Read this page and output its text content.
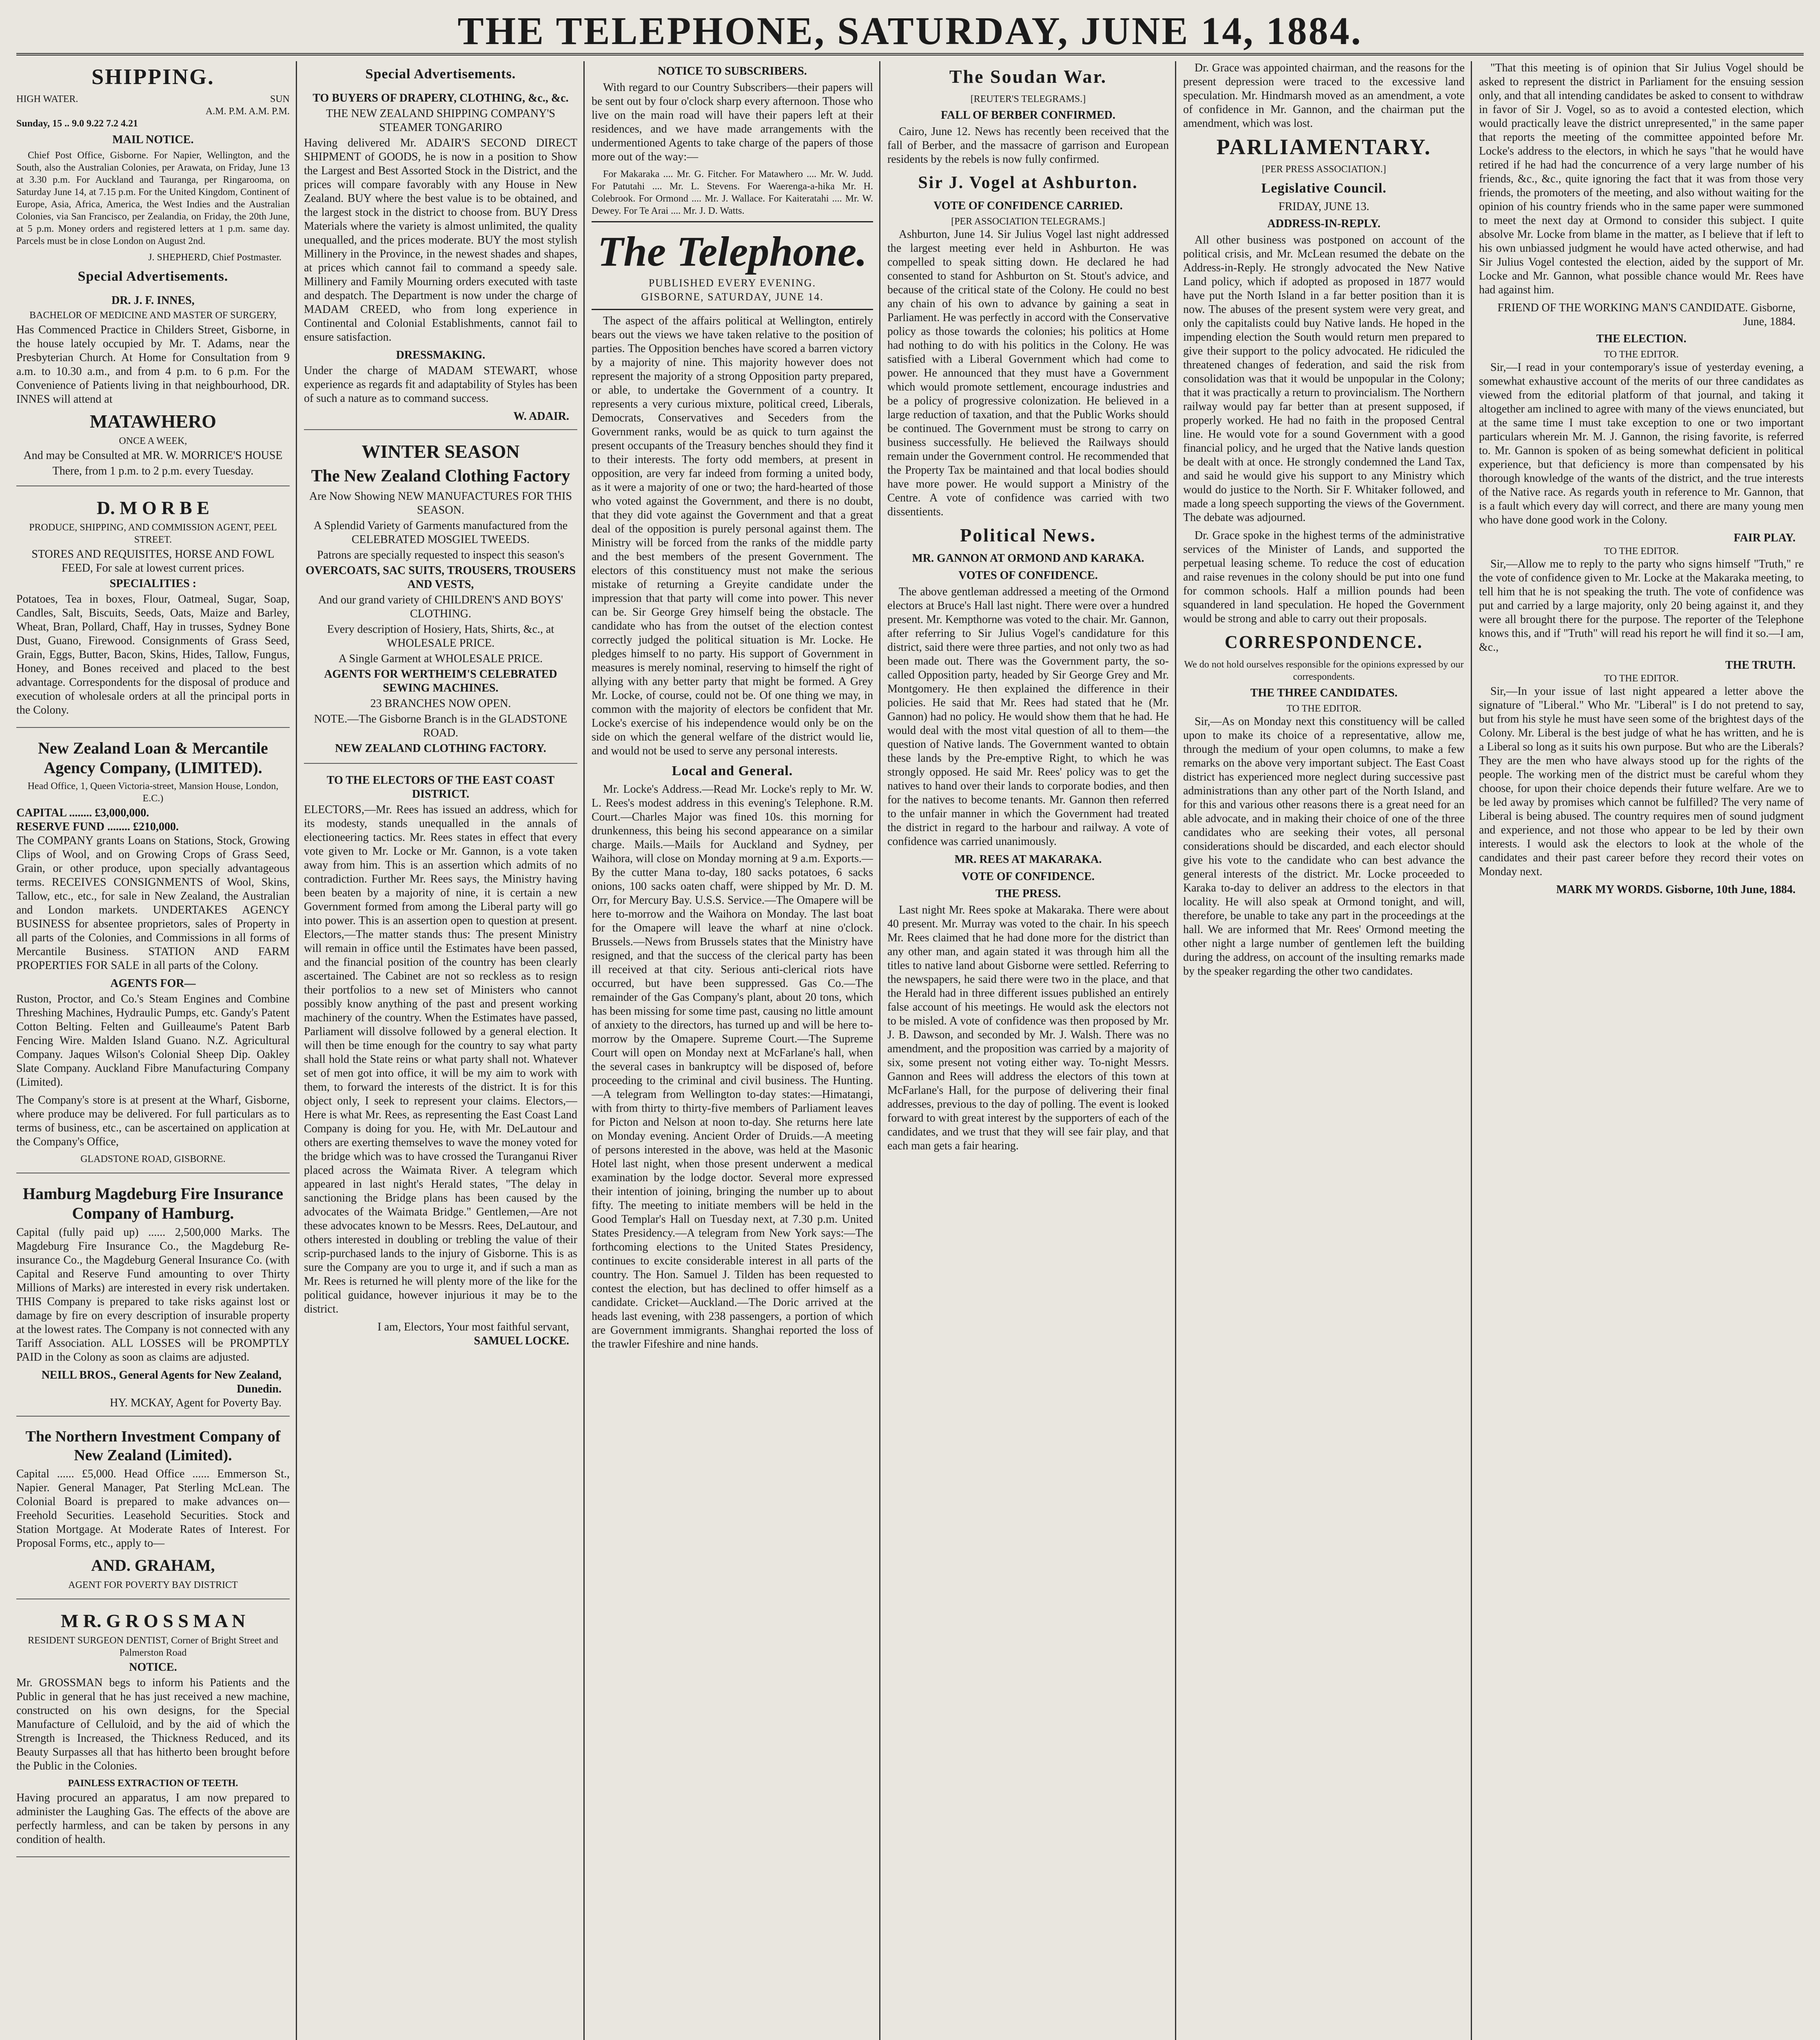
THE TELEPHONE, SATURDAY, JUNE 14, 1884.
SHIPPING.
HIGH WATER.	SUN
A.M. P.M. A.M. P.M.
Sunday, 15 .. 9.0 9.22 7.2 4.21
MAIL NOTICE.

Chief Post Office, Gisborne. For Napier, Wellington, and the South, also the Australian Colonies, per Arawata, on Friday, June 13 at 3.30 p.m. For Auckland and Tauranga, per Ringarooma, on Saturday June 14, at 7.15 p.m. For the United Kingdom, Continent of Europe, Asia, Africa, America, the West Indies and the Australian Colonies, via San Francisco, per Zealandia, on Friday, the 20th June, at 5 p.m. Money orders and registered letters at 1 p.m. same day. Parcels must be in close London on August 2nd.

J. SHEPHERD, Chief Postmaster.
Special Advertisements.
DR. J. F. INNES,
BACHELOR OF MEDICINE AND MASTER OF SURGERY,

Has Commenced Practice in Childers Street, Gisborne, in the house lately occupied by Mr. T. Adams, near the Presbyterian Church. At Home for Consultation from 9 a.m. to 10.30 a.m., and from 4 p.m. to 6 p.m. For the Convenience of Patients living in that neighbourhood, DR. INNES will attend at

MATAWHERO
ONCE A WEEK,
And may be Consulted at MR. W. MORRICE'S HOUSE
There, from 1 p.m. to 2 p.m. every Tuesday.
D. M O R B E
PRODUCE, SHIPPING, AND COMMISSION AGENT, PEEL STREET.
STORES AND REQUISITES, HORSE AND FOWL FEED, For sale at lowest current prices.
SPECIALITIES :

Potatoes, Tea in boxes, Flour, Oatmeal, Sugar, Soap, Candles, Salt, Biscuits, Seeds, Oats, Maize and Barley, Wheat, Bran, Pollard, Chaff, Hay in trusses, Sydney Bone Dust, Guano, Firewood. Consignments of Grass Seed, Grain, Eggs, Butter, Bacon, Skins, Hides, Tallow, Fungus, Honey, and Bones received and placed to the best advantage. Correspondents for the disposal of produce and execution of wholesale orders at all the principal ports in the Colony.

New Zealand Loan & Mercantile Agency Company, (LIMITED).
Head Office, 1, Queen Victoria-street, Mansion House, London, E.C.)
CAPITAL ........ £3,000,000.
RESERVE FUND ........ £210,000.

The COMPANY grants Loans on Stations, Stock, Growing Clips of Wool, and on Growing Crops of Grass Seed, Grain, or other produce, upon specially advantageous terms. RECEIVES CONSIGNMENTS of Wool, Skins, Tallow, etc., etc., for sale in New Zealand, the Australian and London markets. UNDERTAKES AGENCY BUSINESS for absentee proprietors, sales of Property in all parts of the Colonies, and Commissions in all forms of Mercantile Business. STATION AND FARM PROPERTIES FOR SALE in all parts of the Colony.

AGENTS FOR—

Ruston, Proctor, and Co.'s Steam Engines and Combine Threshing Machines, Hydraulic Pumps, etc. Gandy's Patent Cotton Belting. Felten and Guilleaume's Patent Barb Fencing Wire. Malden Island Guano. N.Z. Agricultural Company. Jaques Wilson's Colonial Sheep Dip. Oakley Slate Company. Auckland Fibre Manufacturing Company (Limited).

The Company's store is at present at the Wharf, Gisborne, where produce may be delivered. For full particulars as to terms of business, etc., can be ascertained on application at the Company's Office,

GLADSTONE ROAD, GISBORNE.
Hamburg Magdeburg Fire Insurance Company of Hamburg.

Capital (fully paid up) ...... 2,500,000 Marks. The Magdeburg Fire Insurance Co., the Magdeburg Re-insurance Co., the Magdeburg General Insurance Co. (with Capital and Reserve Fund amounting to over Thirty Millions of Marks) are interested in every risk undertaken. THIS Company is prepared to take risks against lost or damage by fire on every description of insurable property at the lowest rates. The Company is not connected with any Tariff Association. ALL LOSSES will be PROMPTLY PAID in the Colony as soon as claims are adjusted.

NEILL BROS., General Agents for New Zealand, Dunedin.
HY. MCKAY, Agent for Poverty Bay.
The Northern Investment Company of New Zealand (Limited).

Capital ...... £5,000. Head Office ...... Emmerson St., Napier. General Manager, Pat Sterling McLean. The Colonial Board is prepared to make advances on— Freehold Securities. Leasehold Securities. Stock and Station Mortgage. At Moderate Rates of Interest. For Proposal Forms, etc., apply to—

AND. GRAHAM,
AGENT FOR POVERTY BAY DISTRICT
M R. G R O S S M A N
RESIDENT SURGEON DENTIST, Corner of Bright Street and Palmerston Road
NOTICE.

Mr. GROSSMAN begs to inform his Patients and the Public in general that he has just received a new machine, constructed on his own designs, for the Special Manufacture of Celluloid, and by the aid of which the Strength is Increased, the Thickness Reduced, and its Beauty Surpasses all that has hitherto been brought before the Public in the Colonies.

PAINLESS EXTRACTION OF TEETH.

Having procured an apparatus, I am now prepared to administer the Laughing Gas. The effects of the above are perfectly harmless, and can be taken by persons in any condition of health.

Special Advertisements.
TO BUYERS OF DRAPERY, CLOTHING, &c., &c.
THE NEW ZEALAND SHIPPING COMPANY'S STEAMER TONGARIRO

Having delivered Mr. ADAIR'S SECOND DIRECT SHIPMENT of GOODS, he is now in a position to Show the Largest and Best Assorted Stock in the District, and the prices will compare favorably with any House in New Zealand. BUY where the best value is to be obtained, and the largest stock in the district to choose from. BUY Dress Materials where the variety is almost unlimited, the quality unequalled, and the prices moderate. BUY the most stylish Millinery in the Province, in the newest shades and shapes, at prices which cannot fail to command a speedy sale. Millinery and Family Mourning orders executed with taste and despatch. The Department is now under the charge of MADAM CREED, who from long experience in Continental and Colonial Establishments, cannot fail to ensure satisfaction.

DRESSMAKING.

Under the charge of MADAM STEWART, whose experience as regards fit and adaptability of Styles has been of such a nature as to command success.

W. ADAIR.
WINTER SEASON
The New Zealand Clothing Factory
Are Now Showing NEW MANUFACTURES FOR THIS SEASON.
A Splendid Variety of Garments manufactured from the CELEBRATED MOSGIEL TWEEDS.
Patrons are specially requested to inspect this season's
OVERCOATS, SAC SUITS, TROUSERS, TROUSERS AND VESTS,
And our grand variety of CHILDREN'S AND BOYS' CLOTHING.
Every description of Hosiery, Hats, Shirts, &c., at WHOLESALE PRICE.
A Single Garment at WHOLESALE PRICE.
AGENTS FOR WERTHEIM'S CELEBRATED SEWING MACHINES.
23 BRANCHES NOW OPEN.
NOTE.—The Gisborne Branch is in the GLADSTONE ROAD.
NEW ZEALAND CLOTHING FACTORY.
TO THE ELECTORS OF THE EAST COAST DISTRICT.

ELECTORS,—Mr. Rees has issued an address, which for its modesty, stands unequalled in the annals of electioneering tactics. Mr. Rees states in effect that every vote given to Mr. Locke or Mr. Gannon, is a vote taken away from him. This is an assertion which admits of no contradiction. Further Mr. Rees says, the Ministry having been beaten by a majority of nine, it is certain a new Government formed from among the Liberal party will go into power. This is an assertion open to question at present. Electors,—The matter stands thus: The present Ministry will remain in office until the Estimates have been passed, and the financial position of the country has been clearly ascertained. The Cabinet are not so reckless as to resign their portfolios to a new set of Ministers who cannot possibly know anything of the past and present working machinery of the country. When the Estimates have passed, Parliament will dissolve followed by a general election. It will then be time enough for the country to say what party shall hold the State reins or what party shall not. Whatever set of men got into office, it will be my aim to work with them, to forward the interests of the district. It is for this object only, I seek to represent your claims. Electors,—Here is what Mr. Rees, as representing the East Coast Land Company is doing for you. He, with Mr. DeLautour and others are exerting themselves to wave the money voted for the bridge which was to have crossed the Turanganui River placed across the Waimata River. A telegram which appeared in last night's Herald states, "The delay in sanctioning the Bridge plans has been caused by the advocates of the Waimata Bridge." Gentlemen,—Are not these advocates known to be Messrs. Rees, DeLautour, and others interested in doubling or trebling the value of their scrip-purchased lands to the injury of Gisborne. This is as sure the Company are you to urge it, and if such a man as Mr. Rees is returned he will plenty more of the like for the political guidance, however injurious it may be to the district.

I am, Electors, Your most faithful servant,
SAMUEL LOCKE.
NOTICE TO SUBSCRIBERS.

With regard to our Country Subscribers—their papers will be sent out by four o'clock sharp every afternoon. Those who live on the main road will have their papers left at their residences, and we have made arrangements with the undermentioned Agents to take charge of the papers of those more out of the way:—

For Makaraka .... Mr. G. Fitcher. For Matawhero .... Mr. W. Judd. For Patutahi .... Mr. L. Stevens. For Waerenga-a-hika Mr. H. Colebrook. For Ormond .... Mr. J. Wallace. For Kaiteratahi .... Mr. W. Dewey. For Te Arai .... Mr. J. D. Watts.

The Telephone.
PUBLISHED EVERY EVENING.
GISBORNE, SATURDAY, JUNE 14.

The aspect of the affairs political at Wellington, entirely bears out the views we have taken relative to the position of parties. The Opposition benches have scored a barren victory by a majority of nine. This majority however does not represent the majority of a strong Opposition party prepared, or able, to undertake the Government of a country. It represents a very curious mixture, political creed, Liberals, Democrats, Conservatives and Seceders from the Government ranks, would be as quick to turn against the present occupants of the Treasury benches should they find it to their interests. The forty odd members, at present in opposition, are very far indeed from forming a united body, as it were a majority of one or two; the hard-hearted of those who voted against the Government, and there is no doubt, that they did vote against the Government and that a great deal of the opposition is purely personal against them. The Ministry will be forced from the ranks of the middle party and the best members of the present Government. The electors of this constituency must not make the serious mistake of returning a Greyite candidate under the impression that that party will come into power. This never can be. Sir George Grey himself being the obstacle. The candidate who has from the outset of the election contest correctly judged the political situation is Mr. Locke. He pledges himself to no party. His support of Government in measures is merely nominal, reserving to himself the right of allying with any better party that might be formed. A Grey Mr. Locke, of course, could not be. Of one thing we may, in common with the majority of electors be confident that Mr. Locke's exercise of his independence would only be on the side on which the general welfare of the district would lie, and would not be used to serve any personal interests.

Local and General.

Mr. Locke's Address.—Read Mr. Locke's reply to Mr. W. L. Rees's modest address in this evening's Telephone. R.M. Court.—Charles Major was fined 10s. this morning for drunkenness, this being his second appearance on a similar charge. Mails.—Mails for Auckland and Sydney, per Waihora, will close on Monday morning at 9 a.m. Exports.—By the cutter Mana to-day, 180 sacks potatoes, 6 sacks onions, 100 sacks oaten chaff, were shipped by Mr. D. M. Orr, for Mercury Bay. U.S.S. Service.—The Omapere will be here to-morrow and the Waihora on Monday. The last boat for the Omapere will leave the wharf at nine o'clock. Brussels.—News from Brussels states that the Ministry have resigned, and that the success of the clerical party has been ill received at that city. Serious anti-clerical riots have occurred, but have been suppressed. Gas Co.—The remainder of the Gas Company's plant, about 20 tons, which has been missing for some time past, causing no little amount of anxiety to the directors, has turned up and will be here to-morrow by the Omapere. Supreme Court.—The Supreme Court will open on Monday next at McFarlane's hall, when the several cases in bankruptcy will be disposed of, before proceeding to the criminal and civil business. The Hunting.—A telegram from Wellington to-day states:—Himatangi, with from thirty to thirty-five members of Parliament leaves for Picton and Nelson at noon to-day. She returns here late on Monday evening. Ancient Order of Druids.—A meeting of persons interested in the above, was held at the Masonic Hotel last night, when those present underwent a medical examination by the lodge doctor. Several more expressed their intention of joining, bringing the number up to about fifty. The meeting to initiate members will be held in the Good Templar's Hall on Tuesday next, at 7.30 p.m. United States Presidency.—A telegram from New York says:—The forthcoming elections to the United States Presidency, continues to excite considerable interest in all parts of the country. The Hon. Samuel J. Tilden has been requested to contest the election, but has declined to offer himself as a candidate. Cricket—Auckland.—The Doric arrived at the heads last evening, with 238 passengers, a portion of which are Government immigrants. Shanghai reported the loss of the trawler Fifeshire and nine hands.

The Soudan War.
[REUTER'S TELEGRAMS.]
FALL OF BERBER CONFIRMED.

Cairo, June 12. News has recently been received that the fall of Berber, and the massacre of garrison and European residents by the rebels is now fully confirmed.

Sir J. Vogel at Ashburton.
VOTE OF CONFIDENCE CARRIED.
[PER ASSOCIATION TELEGRAMS.]

Ashburton, June 14. Sir Julius Vogel last night addressed the largest meeting ever held in Ashburton. He was compelled to speak sitting down. He declared he had consented to stand for Ashburton on St. Stout's advice, and because of the critical state of the Colony. He could no best any chain of his own to advance by gaining a seat in Parliament. He was perfectly in accord with the Conservative policy as those towards the colonies; his politics at Home had nothing to do with his politics in the Colony. He was satisfied with a Liberal Government which had come to power. He announced that they must have a Government which would promote settlement, encourage industries and be a policy of progressive colonization. He believed in a large reduction of taxation, and that the Public Works should be continued. The Government must be strong to carry on business successfully. He believed the Railways should remain under the Government control. He recommended that the Property Tax be maintained and that local bodies should have more power. He would support a Ministry of the Centre. A vote of confidence was carried with two dissentients.

Political News.
MR. GANNON AT ORMOND AND KARAKA.
VOTES OF CONFIDENCE.

The above gentleman addressed a meeting of the Ormond electors at Bruce's Hall last night. There were over a hundred present. Mr. Kempthorne was voted to the chair. Mr. Gannon, after referring to Sir Julius Vogel's candidature for this district, said there were three parties, and not only two as had been made out. There was the Government party, the so-called Opposition party, headed by Sir George Grey and Mr. Montgomery. He then explained the difference in their policies. He said that Mr. Rees had stated that he (Mr. Gannon) had no policy. He would show them that he had. He would deal with the most vital question of all to them—the question of Native lands. The Government wanted to obtain these lands by the Pre-emptive Right, to which he was strongly opposed. He said Mr. Rees' policy was to get the natives to hand over their lands to corporate bodies, and then for the natives to become tenants. Mr. Gannon then referred to the unfair manner in which the Government had treated the district in regard to the harbour and railway. A vote of confidence was carried unanimously.

MR. REES AT MAKARAKA.
VOTE OF CONFIDENCE.
THE PRESS.

Last night Mr. Rees spoke at Makaraka. There were about 40 present. Mr. Murray was voted to the chair. In his speech Mr. Rees claimed that he had done more for the district than any other man, and again stated it was through him all the titles to native land about Gisborne were settled. Referring to the newspapers, he said there were two in the place, and that the Herald had in three different issues published an entirely false account of his meetings. He would ask the electors not to be misled. A vote of confidence was then proposed by Mr. J. B. Dawson, and seconded by Mr. J. Walsh. There was no amendment, and the proposition was carried by a majority of six, some present not voting either way. To-night Messrs. Gannon and Rees will address the electors of this town at McFarlane's Hall, for the purpose of delivering their final addresses, previous to the day of polling. The event is looked forward to with great interest by the supporters of each of the candidates, and we trust that they will see fair play, and that each man gets a fair hearing.

Dr. Grace was appointed chairman, and the reasons for the present depression were traced to the excessive land speculation. Mr. Hindmarsh moved as an amendment, a vote of confidence in Mr. Gannon, and the chairman put the amendment, which was lost.

PARLIAMENTARY.
[PER PRESS ASSOCIATION.]
Legislative Council.
FRIDAY, JUNE 13.
ADDRESS-IN-REPLY.

All other business was postponed on account of the political crisis, and Mr. McLean resumed the debate on the Address-in-Reply. He strongly advocated the New Native Land policy, which if adopted as proposed in 1877 would have put the North Island in a far better position than it is now. The abuses of the present system were very great, and only the capitalists could buy Native lands. He hoped in the impending election the South would return men prepared to give their support to the policy advocated. He ridiculed the threatened changes of federation, and said the risk from consolidation was that it would be unpopular in the Colony; that it was practically a return to provincialism. The Northern railway would pay far better than at present supposed, if properly worked. He had no faith in the proposed Central line. He would vote for a sound Government with a good financial policy, and he urged that the Native lands question be dealt with at once. He strongly condemned the Land Tax, and said he would give his support to any Ministry which would do justice to the North. Sir F. Whitaker followed, and made a long speech supporting the views of the Government. The debate was adjourned.

Dr. Grace spoke in the highest terms of the administrative services of the Minister of Lands, and supported the perpetual leasing scheme. To reduce the cost of education and raise revenues in the colony should be put into one fund for common schools. Half a million pounds had been squandered in land speculation. He hoped the Government would be strong and able to carry out their proposals.

CORRESPONDENCE.
We do not hold ourselves responsible for the opinions expressed by our correspondents.
THE THREE CANDIDATES.
TO THE EDITOR.

Sir,—As on Monday next this constituency will be called upon to make its choice of a representative, allow me, through the medium of your open columns, to make a few remarks on the above very important subject. The East Coast district has experienced more neglect during successive past administrations than any other part of the North Island, and for this and various other reasons there is a great need for an able advocate, and in making their choice of one of the three candidates who are seeking their votes, all personal considerations should be discarded, and each elector should give his vote to the candidate who can best advance the general interests of the district. Mr. Locke proceeded to Karaka to-day to deliver an address to the electors in that locality. He will also speak at Ormond tonight, and will, therefore, be unable to take any part in the proceedings at the hall. We are informed that Mr. Rees' Ormond meeting the other night a large number of gentlemen left the building during the address, on account of the insulting remarks made by the speaker regarding the other two candidates.

"That this meeting is of opinion that Sir Julius Vogel should be asked to represent the district in Parliament for the ensuing session only, and that all intending candidates be asked to consent to withdraw in favor of Sir J. Vogel, so as to avoid a contested election, which would practically leave the district unrepresented," in the same paper that reports the meeting of the committee appointed before Mr. Locke's address to the electors, in which he says "that he would have retired if he had had the concurrence of a very large number of his friends, &c., &c., quite ignoring the fact that it was from those very friends, the promoters of the meeting, and also without waiting for the opinion of his country friends who in the same paper were summoned to meet the next day at Ormond to consider this subject. I quite absolve Mr. Locke from blame in the matter, as I believe that if left to his own unbiassed judgment he would have acted otherwise, and had Sir Julius Vogel contested the election, aided by the support of Mr. Locke and Mr. Gannon, what possible chance would Mr. Rees have had against him.

FRIEND OF THE WORKING MAN'S CANDIDATE. Gisborne, June, 1884.
THE ELECTION.
TO THE EDITOR.

Sir,—I read in your contemporary's issue of yesterday evening, a somewhat exhaustive account of the merits of our three candidates as viewed from the editorial platform of that journal, and taking it altogether am inclined to agree with many of the views enunciated, but at the same time I must take exception to one or two important particulars wherein Mr. M. J. Gannon, the rising favorite, is referred to. Mr. Gannon is spoken of as being somewhat deficient in political experience, but that deficiency is more than compensated by his thorough knowledge of the wants of the district, and the true interests of the Native race. As regards youth in reference to Mr. Gannon, that is a fault which every day will correct, and there are many young men who have done good work in the Colony.

FAIR PLAY.
TO THE EDITOR.

Sir,—Allow me to reply to the party who signs himself "Truth," re the vote of confidence given to Mr. Locke at the Makaraka meeting, to tell him that he is not speaking the truth. The vote of confidence was put and carried by a large majority, only 20 being against it, and they were all brought there for the purpose. The reporter of the Telephone knows this, and if "Truth" will read his report he will find it so.—I am, &c.,

THE TRUTH.
TO THE EDITOR.

Sir,—In your issue of last night appeared a letter above the signature of "Liberal." Who Mr. "Liberal" is I do not pretend to say, but from his style he must have seen some of the brightest days of the Colony. Mr. Liberal is the best judge of what he has written, and he is a Liberal so long as it suits his own purpose. But who are the Liberals? They are the men who have always stood up for the rights of the people. The working men of the district must be careful whom they choose, for upon their choice depends their future welfare. Are we to be led away by promises which cannot be fulfilled? The very name of Liberal is being abused. The country requires men of sound judgment and experience, and not those who appear to be led by their own interests. I would ask the electors to look at the whole of the candidates and their past career before they record their votes on Monday next.

MARK MY WORDS. Gisborne, 10th June, 1884.
